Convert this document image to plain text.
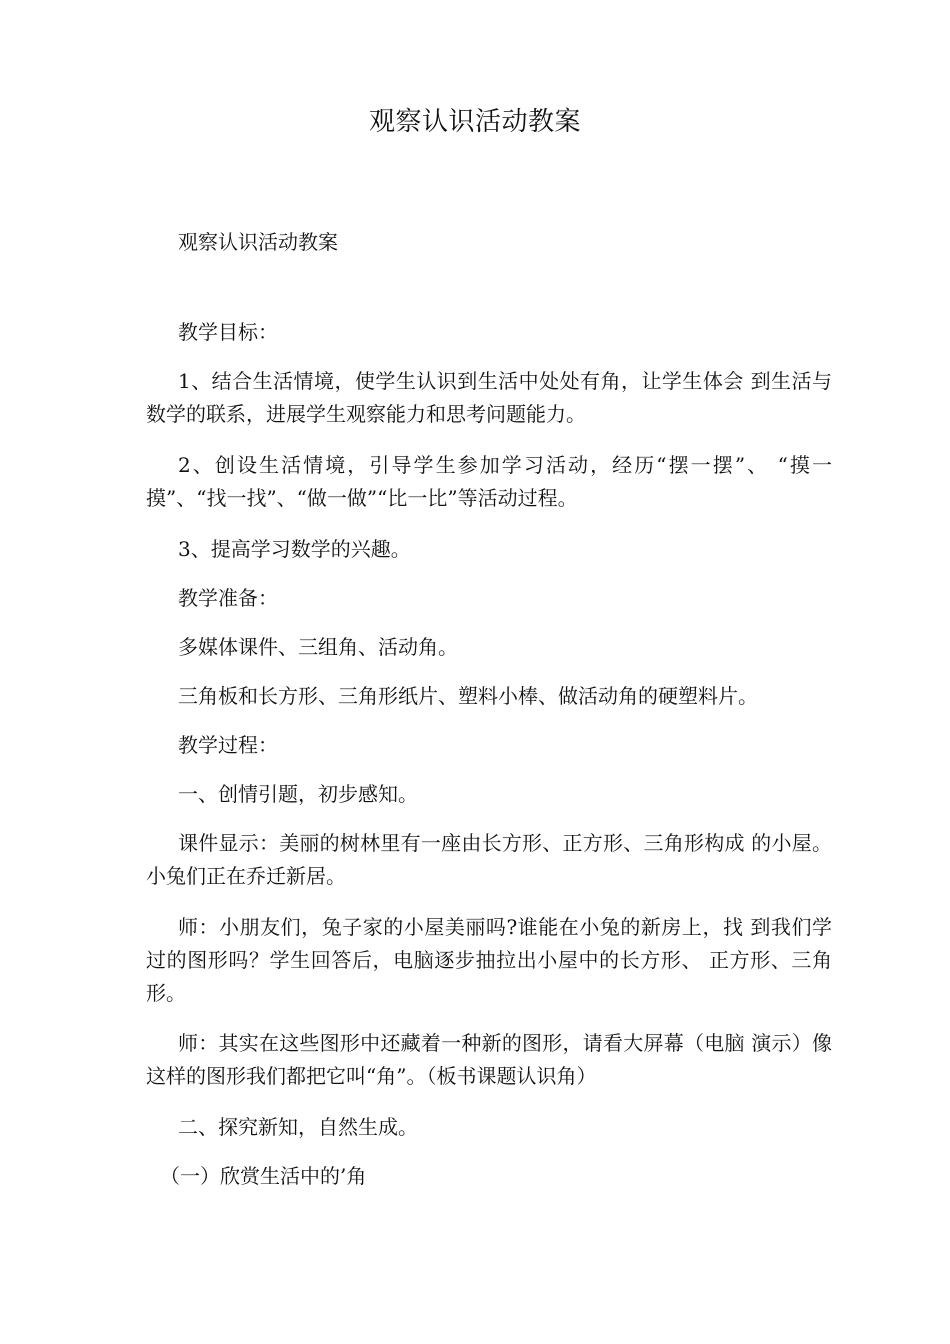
观察认识活动教案

观察认识活动教案

教学目标：

1、结合生活情境，使学生认识到生活中处处有角，让学生体会 到生活与数学的联系，进展学生观察能力和思考问题能力。

2、创设生活情境，引导学生参加学习活动，经历“摆一摆”、 “摸一摸”、“找一找”、“做一做”“比一比”等活动过程。

3、提高学习数学的兴趣。

教学准备：

多媒体课件、三组角、活动角。

三角板和长方形、三角形纸片、塑料小棒、做活动角的硬塑料片。

教学过程：

一、创情引题，初步感知。

课件显示：美丽的树林里有一座由长方形、正方形、三角形构成 的小屋。小兔们正在乔迁新居。

师：小朋友们，兔子家的小屋美丽吗?谁能在小兔的新房上，找 到我们学过的图形吗？学生回答后，电脑逐步抽拉出小屋中的长方形、 正方形、三角形。

师：其实在这些图形中还藏着一种新的图形，请看大屏幕（电脑 演示）像这样的图形我们都把它叫“角”。（板书课题认识角）

二、探究新知，自然生成。

（一）欣赏生活中的’角
